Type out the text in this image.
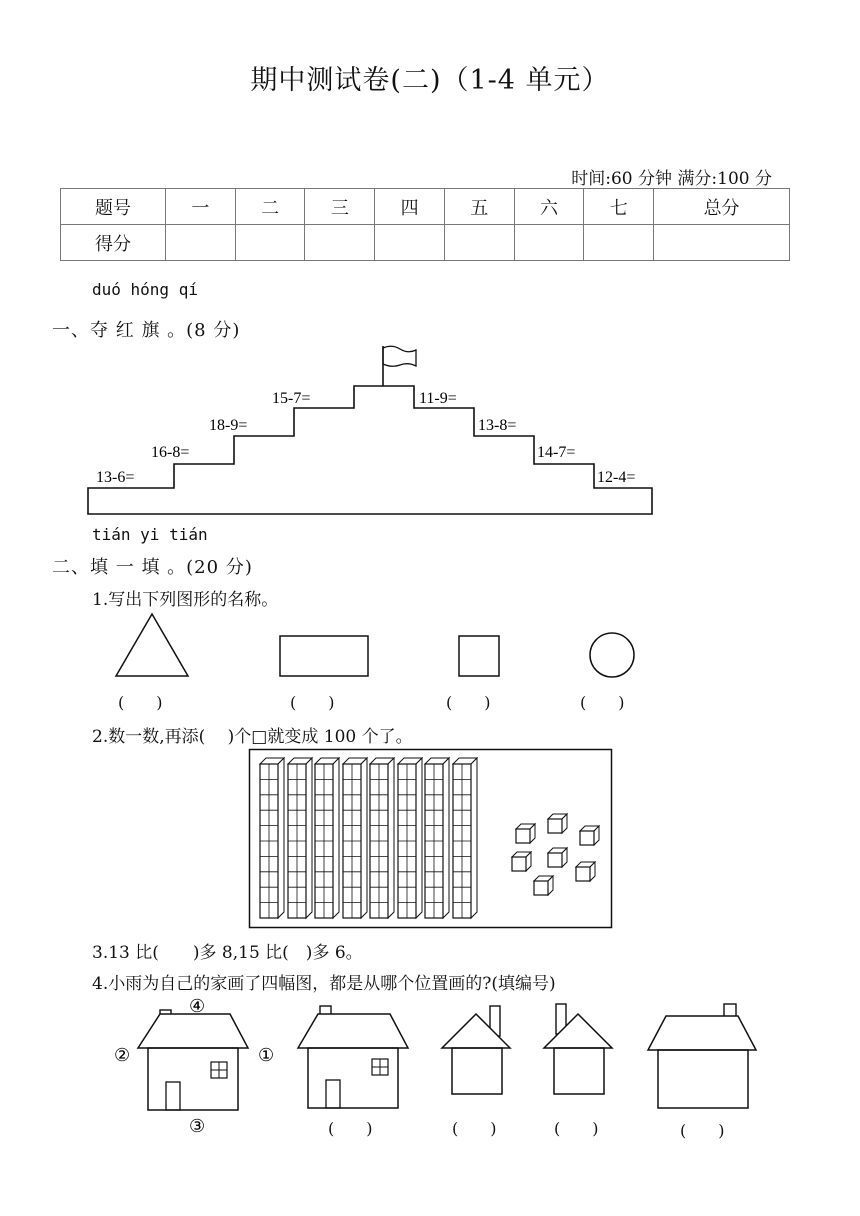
期中测试卷(二)（1-4 单元）
时间:60 分钟 满分:100 分
题号	一	二	三	四	五	六	七	总分
得分								
duó hóng qí
一、夺 红 旗 。(8 分)
13-6=
16-8=
18-9=
15-7=	11-9=
13-8=
14-7=
12-4=
tián yi tián
二、填 一 填 。(20 分)
1.写出下列图形的名称。
(　　)	(　　)	(　　)	(　　)
2.数一数,再添(　 )个□就变成 100 个了。
3.13 比(　　)多 8,15 比(　)多 6。
4.小雨为自己的家画了四幅图，都是从哪个位置画的?(填编号)
④
②	①
③	(　　)	(　　)	(　　)	(　　)
